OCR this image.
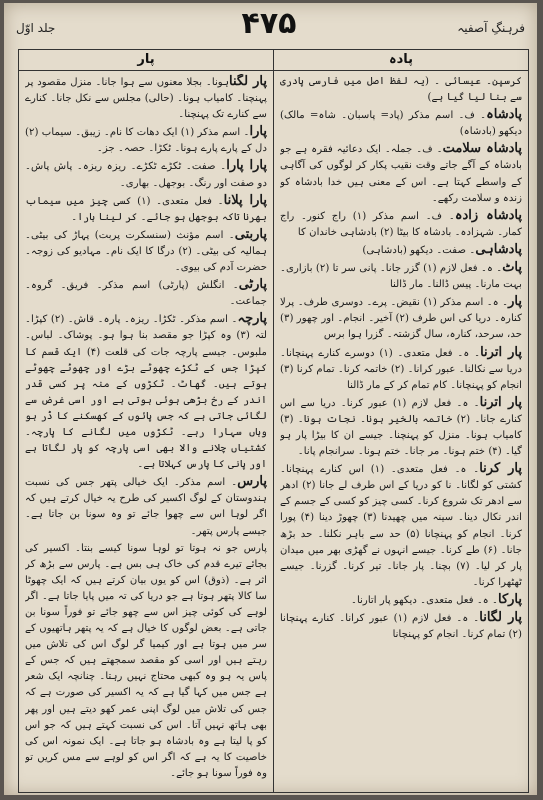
جلد اوّل	۴۷۵	فرہنگِ آصفیہ
پار	پادہ

پار لگناہونا۔ بجلا معنوں سے ہوا جانا۔ منزل مقصود پر پہنچنا۔ کامیاب ہونا۔ (حالی) مجلس سے نکل جانا۔ کنارے سے کنارے تک پہنچنا۔

پارا۔ اسم مذکر (۱) ایک دھات کا نام۔ زیبق۔ سیماب (۲) دل کے پارے پارے ہونا۔ ٹکڑا۔ حصہ۔ جز۔

پارا پارا۔ صفت۔ ٹکڑے ٹکڑے۔ ریزہ ریزہ۔ پاش پاش۔ دو صفت اور رنگ۔ بوجھل۔ بھاری۔

پارا پلانا۔ فعل متعدی۔ (۱) کسی چیز میں سیماب بھرنا تاکہ بوجھل ہو جائے۔ کر لینا ہارا۔

پاربتی۔ اسم مؤنث (سنسکرت پربت) پہاڑ کی بیٹی۔ ہمالیہ کی بیٹی۔ (۲) درگا کا ایک نام۔ مہادیو کی زوجہ۔ حضرت آدم کی بیوی۔

پارٹی۔ انگلش (پارٹی) اسم مذکر۔ فریق۔ گروہ۔ جماعت۔

پارچہ۔ اسم مذکر۔ ٹکڑا۔ ریزہ۔ پارہ۔ قاش۔ (۲) کپڑا۔ لتہ (۳) وہ کپڑا جو مقصد بنا ہوا ہو۔ پوشاک۔ لباس۔ ملبوس۔ جیسے پارچہ جات کی قلعت (۴) ایک قسم کا کپڑا جس کے ٹکڑے چھوٹے بڑے اور چھوٹے چھوٹے ہوتے ہیں۔ گھاٹ۔ ٹکڑوں کے منہ پر کسی قدر اندر کے رخ بڑھی ہوئی ہوتی ہے اور اسی غرض سے لگائی جاتی ہے کہ جس پائوں کے کھسکنے کا ڈر ہو وہاں سہارا رہے۔ ٹکڑوں میں لگانے کا پارچہ۔ کشتیاں چلانے والا بھی اسی پارچہ کو پار لگاتا ہے اور پانی کا پارس کہلاتا ہے۔

پارس۔ اسم مذکر۔ ایک خیالی پتھر جس کی نسبت ہندوستان کے لوگ اکسیر کی طرح یہ خیال کرتے ہیں کہ اگر لوہا اس سے چھوا جائے تو وہ سونا بن جاتا ہے۔ جیسے پارس پتھر۔

پارس جو نہ ہوتا تو لوہا سونا کیسے بنتا۔ اکسیر کی بجائے تیرے قدم کی خاک ہی بس ہے۔ پارس سے بڑھ کر اثر ہے۔ (ذوق) اس کو یوں بیان کرتے ہیں کہ ایک چھوٹا سا کالا پتھر ہوتا ہے جو دریا کی تہ میں پایا جاتا ہے۔ اگر لوہے کی کوئی چیز اس سے چھو جائے تو فوراً سونا بن جاتی ہے۔ بعض لوگوں کا خیال ہے کہ یہ پتھر ہاتھیوں کے سر میں ہوتا ہے اور کیمیا گر لوگ اس کی تلاش میں رہتے ہیں اور اسی کو مقصد سمجھتے ہیں کہ جس کے پاس یہ ہو وہ کبھی محتاج نہیں رہتا۔ چنانچہ ایک شعر ہے جس میں کہا گیا ہے کہ یہ اکسیر کی صورت ہے کہ جس کی تلاش میں لوگ اپنی عمر کھو دیتے ہیں اور پھر بھی ہاتھ نہیں آتا۔ اس کی نسبت کہتے ہیں کہ جو اس کو پا لیتا ہے وہ بادشاہ ہو جاتا ہے۔ ایک نمونہ اس کی خاصیت کا یہ ہے کہ اگر اس کو لوہے سے مس کریں تو وہ فوراً سونا ہو جائے۔

کرسپن۔ عیسائی ۔ (یہ لفظ اصل میں فارسی پادری سے بنا لیا گیا ہے)

پادشاہ۔ ف۔ اسم مذکر (پاد= پاسبان۔ شاہ= مالک) دیکھو (بادشاہ)

پادشاہ سلامت۔ ف۔ جملہ۔ ایک دعائیہ فقرہ ہے جو بادشاہ کے آگے جاتے وقت نقیب پکار کر لوگوں کی آگاہی کے واسطے کہتا ہے۔ اس کے معنی ہیں خدا بادشاہ کو زندہ و سلامت رکھے۔

پادشاہ زادہ۔ ف۔ اسم مذکر (۱) راج کنور۔ راج کمار۔ شہزادہ۔ بادشاہ کا بیٹا (۲) بادشاہی خاندان کا

پادشاہی۔ صفت۔ دیکھو (بادشاہی)

پاٹ۔ ہ۔ فعل لازم (۱) گزر جانا۔ پانی سر تا (۲) بازاری۔ بہت مارنا۔ پیس ڈالنا۔ مار ڈالنا

پار۔ ہ۔ اسم مذکر (۱) نقیض۔ پرے۔ دوسری طرف۔ پرلا کنارہ۔ دریا کی اس طرف (۲) آخیر۔ انجام۔ اور چھور (۳) حد، سرحد، کنارہ، سال گزشتہ۔ گزرا ہوا برس

پار اترنا۔ ہ۔ فعل متعدی۔ (۱) دوسرے کنارے پہنچانا۔ دریا سے نکالنا۔ عبور کرانا۔ (۲) خاتمہ کرنا۔ تمام کرنا (۳) انجام کو پہنچانا۔ کام تمام کر کے مار ڈالنا

پار اترنا۔ ہ۔ فعل لازم (۱) عبور کرنا۔ دریا سے اس کنارے جانا۔ (۲) خاتمہ بالخیر ہونا۔ نجات ہونا۔ (۳) کامیاب ہونا۔ منزل کو پہنچنا۔ جیسے ان کا بیڑا پار ہو گیا۔ (۴) ختم ہونا۔ مر جانا۔ ختم ہونا۔ سرانجام پانا۔

پار کرنا۔ ہ۔ فعل متعدی۔ (۱) اس کنارے پہنچانا۔ کشتی کو لگانا۔ نا کو دریا کے اس طرف لے جانا (۲) ادھر سے ادھر تک شروع کرنا۔ کسی چیز کو کسی کے جسم کے اندر نکال دینا۔ سینہ میں چھیدنا (۳) چھوڑ دینا (۴) پورا کرنا۔ انجام کو پہنچانا (۵) حد سے باہر نکلنا۔ حد بڑھ جانا۔ (۶) طے کرنا۔ جیسے انہوں نے گھڑی بھر میں میدان پار کر لیا۔ (۷) بچنا۔ پار جانا۔ تیر کرنا۔ گزرنا۔ جیسے ٹھٹھرا کرنا۔

پارکا۔ ہ۔ فعل متعدی۔ دیکھو پار اتارنا۔

پار لگانا۔ ہ۔ فعل لازم (۱) عبور کرانا۔ کنارے پہنچانا (۲) تمام کرنا۔ انجام کو پہنچانا
